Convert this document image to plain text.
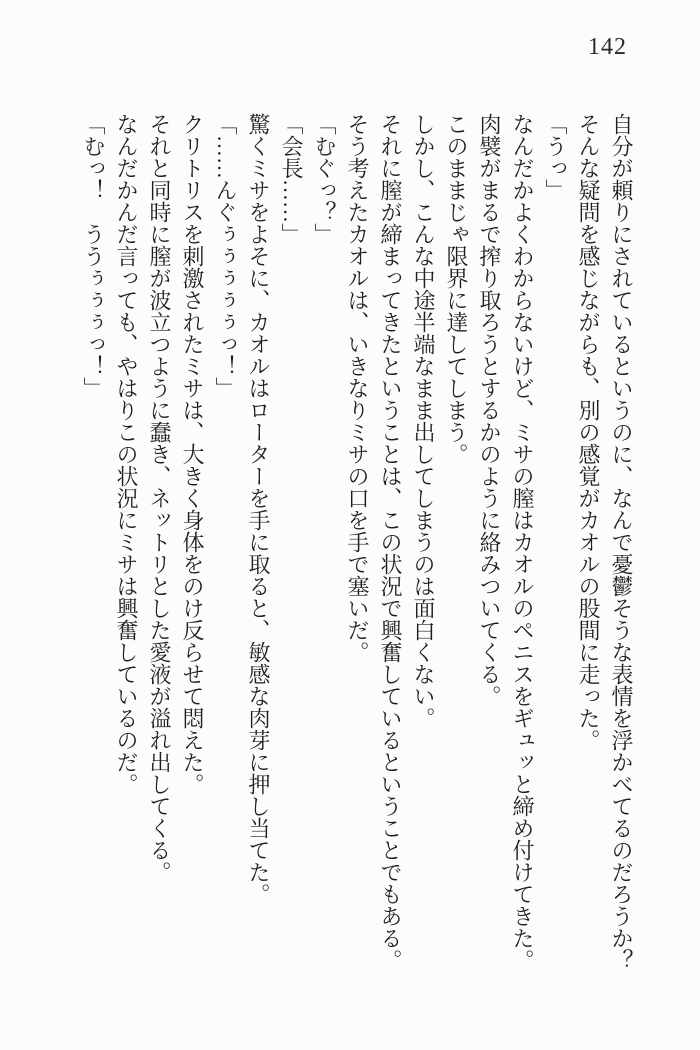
142

自分が頼りにされているというのに、なんで憂鬱そうな表情を浮かべてるのだろうか？

そんな疑問を感じながらも、別の感覚がカオルの股間に走った。

「うっ」

なんだかよくわからないけど、ミサの膣はカオルのペニスをギュッと締め付けてきた。

肉襞がまるで搾り取ろうとするかのように絡みついてくる。

このままじゃ限界に達してしまう。

しかし、こんな中途半端なまま出してしまうのは面白くない。

それに膣が締まってきたということは、この状況で興奮しているということでもある。

そう考えたカオルは、いきなりミサの口を手で塞いだ。

「むぐっ？」

「会長……」

驚くミサをよそに、カオルはローターを手に取ると、敏感な肉芽に押し当てた。

「……んぐぅぅぅぅぅっ！」

クリトリスを刺激されたミサは、大きく身体をのけ反らせて悶えた。

それと同時に膣が波立つように蠢き、ネットリとした愛液が溢れ出してくる。

なんだかんだ言っても、やはりこの状況にミサは興奮しているのだ。

「むっ！　ううぅぅぅっ！」
